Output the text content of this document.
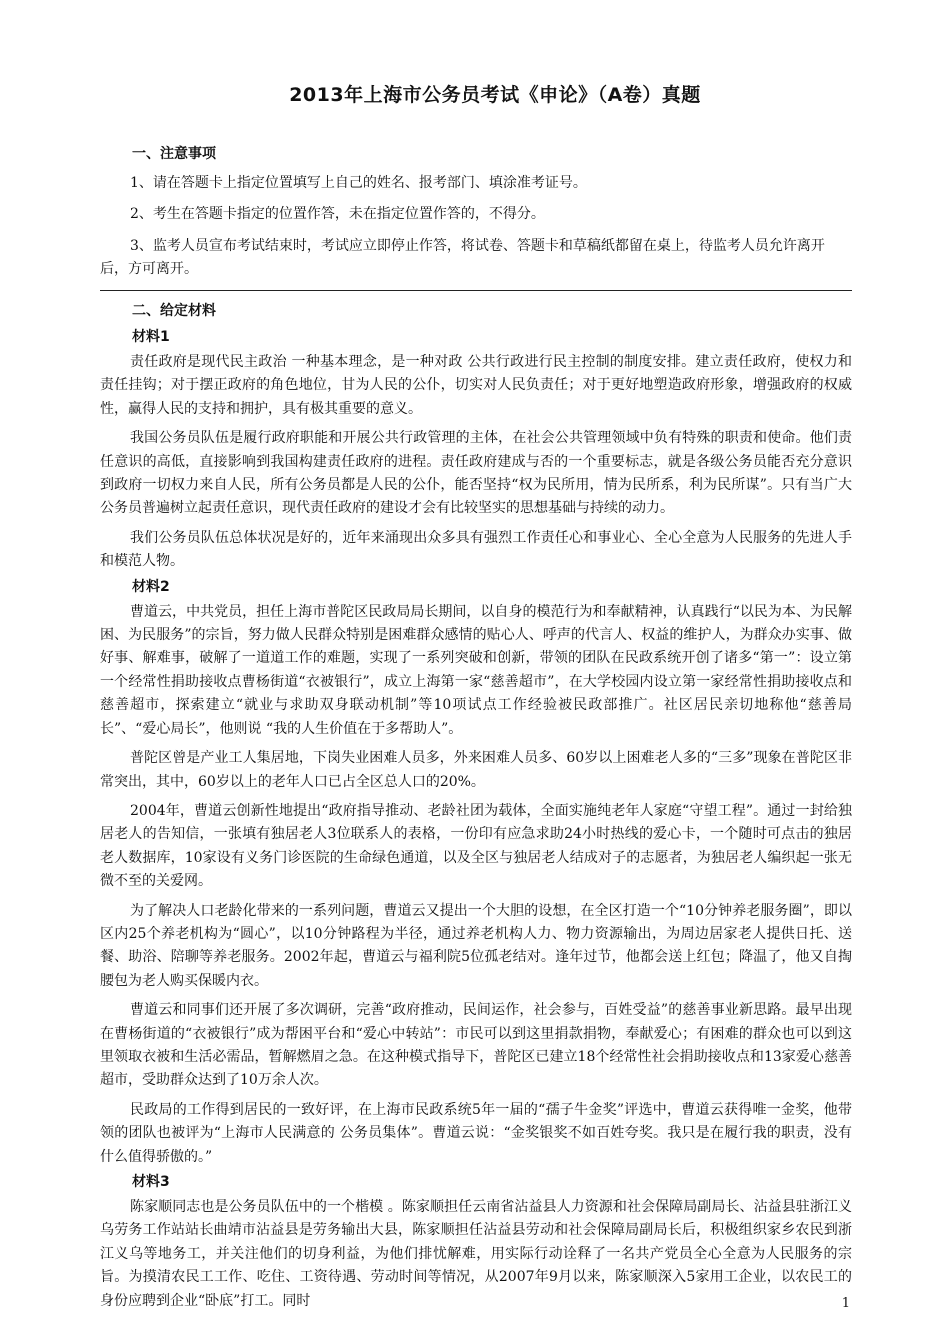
2013年上海市公务员考试《申论》（A卷）真题

一、注意事项

1、请在答题卡上指定位置填写上自己的姓名、报考部门、填涂准考证号。

2、考生在答题卡指定的位置作答，未在指定位置作答的，不得分。

3、监考人员宣布考试结束时，考试应立即停止作答，将试卷、答题卡和草稿纸都留在桌上，待监考人员允许离开后，方可离开。

二、给定材料

材料1

责任政府是现代民主政治 一种基本理念，是一种对政 公共行政进行民主控制的制度安排。建立责任政府，使权力和责任挂钩；对于摆正政府的角色地位，甘为人民的公仆，切实对人民负责任；对于更好地塑造政府形象，增强政府的权威性，赢得人民的支持和拥护，具有极其重要的意义。

我国公务员队伍是履行政府职能和开展公共行政管理的主体，在社会公共管理领域中负有特殊的职责和使命。他们责任意识的高低，直接影响到我国构建责任政府的进程。责任政府建成与否的一个重要标志，就是各级公务员能否充分意识到政府一切权力来自人民，所有公务员都是人民的公仆，能否坚持“权为民所用，情为民所系，利为民所谋”。只有当广大公务员普遍树立起责任意识，现代责任政府的建设才会有比较坚实的思想基础与持续的动力。

我们公务员队伍总体状况是好的，近年来涌现出众多具有强烈工作责任心和事业心、全心全意为人民服务的先进人手和模范人物。

材料2

曹道云，中共党员，担任上海市普陀区民政局局长期间，以自身的模范行为和奉献精神，认真践行“以民为本、为民解困、为民服务”的宗旨，努力做人民群众特别是困难群众感情的贴心人、呼声的代言人、权益的维护人，为群众办实事、做好事、解难事，破解了一道道工作的难题，实现了一系列突破和创新，带领的团队在民政系统开创了诸多“第一”：设立第一个经常性捐助接收点曹杨街道“衣被银行”，成立上海第一家“慈善超市”，在大学校园内设立第一家经常性捐助接收点和慈善超市，探索建立“就业与求助双身联动机制”等10项试点工作经验被民政部推广。社区居民亲切地称他“慈善局长”、“爱心局长”，他则说 “我的人生价值在于多帮助人”。

普陀区曾是产业工人集居地，下岗失业困难人员多，外来困难人员多、60岁以上困难老人多的“三多”现象在普陀区非常突出，其中，60岁以上的老年人口已占全区总人口的20%。

2004年，曹道云创新性地提出“政府指导推动、老龄社团为载体，全面实施纯老年人家庭“守望工程”。通过一封给独居老人的告知信，一张填有独居老人3位联系人的表格，一份印有应急求助24小时热线的爱心卡，一个随时可点击的独居老人数据库，10家设有义务门诊医院的生命绿色通道，以及全区与独居老人结成对子的志愿者，为独居老人编织起一张无微不至的关爱网。

为了解决人口老龄化带来的一系列问题，曹道云又提出一个大胆的设想，在全区打造一个“10分钟养老服务圈”，即以区内25个养老机构为“圆心”，以10分钟路程为半径，通过养老机构人力、物力资源输出，为周边居家老人提供日托、送餐、助浴、陪聊等养老服务。2002年起，曹道云与福利院5位孤老结对。逢年过节，他都会送上红包；降温了，他又自掏腰包为老人购买保暖内衣。

曹道云和同事们还开展了多次调研，完善“政府推动，民间运作，社会参与，百姓受益”的慈善事业新思路。最早出现在曹杨街道的“衣被银行”成为帮困平台和“爱心中转站”：市民可以到这里捐款捐物，奉献爱心；有困难的群众也可以到这里领取衣被和生活必需品，暂解燃眉之急。在这种模式指导下，普陀区已建立18个经常性社会捐助接收点和13家爱心慈善超市，受助群众达到了10万余人次。

民政局的工作得到居民的一致好评，在上海市民政系统5年一届的“孺子牛金奖”评选中，曹道云获得唯一金奖，他带领的团队也被评为“上海市人民满意的 公务员集体”。曹道云说：“金奖银奖不如百姓夸奖。我只是在履行我的职责，没有什么值得骄傲的。”

材料3

陈家顺同志也是公务员队伍中的一个楷模 。陈家顺担任云南省沾益县人力资源和社会保障局副局长、沾益县驻浙江义乌劳务工作站站长曲靖市沾益县是劳务输出大县，陈家顺担任沾益县劳动和社会保障局副局长后，积极组织家乡农民到浙江义乌等地务工，并关注他们的切身利益，为他们排忧解难，用实际行动诠释了一名共产党员全心全意为人民服务的宗旨。为摸清农民工工作、吃住、工资待遇、劳动时间等情况，从2007年9月以来，陈家顺深入5家用工企业，以农民工的身份应聘到企业“卧底”打工。同时	1
